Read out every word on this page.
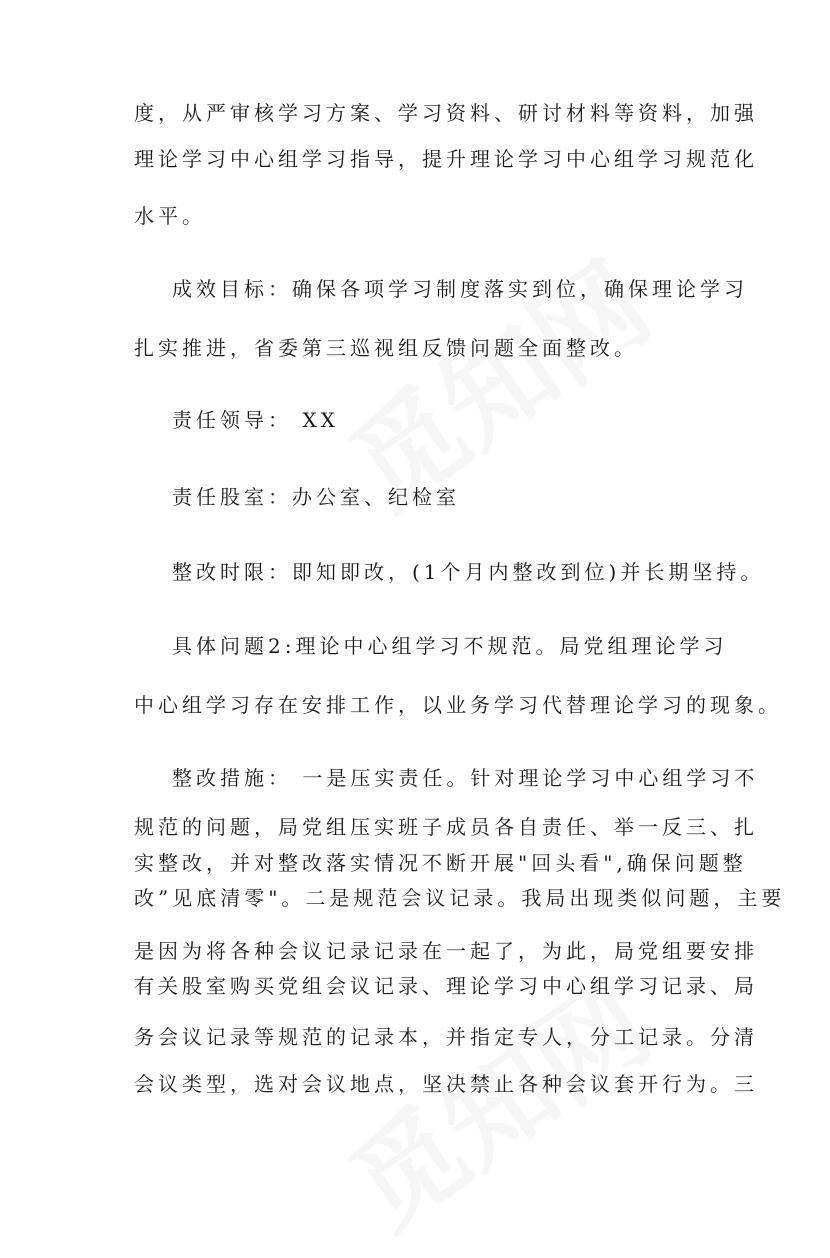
度，从严审核学习方案、学习资料、研讨材料等资料，加强
理论学习中心组学习指导，提升理论学习中心组学习规范化
水平。
成效目标：确保各项学习制度落实到位，确保理论学习
扎实推进，省委第三巡视组反馈问题全面整改。
责任领导： XX
责任股室：办公室、纪检室
整改时限：即知即改，(1个月内整改到位)并长期坚持。
具体问题2:理论中心组学习不规范。局党组理论学习
中心组学习存在安排工作，以业务学习代替理论学习的现象。
整改措施： 一是压实责任。针对理论学习中心组学习不
规范的问题，局党组压实班子成员各自责任、举一反三、扎
实整改，并对整改落实情况不断开展"回头看",确保问题整
改”见底清零"。二是规范会议记录。我局出现类似问题，主要
是因为将各种会议记录记录在一起了，为此，局党组要安排
有关股室购买党组会议记录、理论学习中心组学习记录、局
务会议记录等规范的记录本，并指定专人，分工记录。分清
会议类型，选对会议地点，坚决禁止各种会议套开行为。三
